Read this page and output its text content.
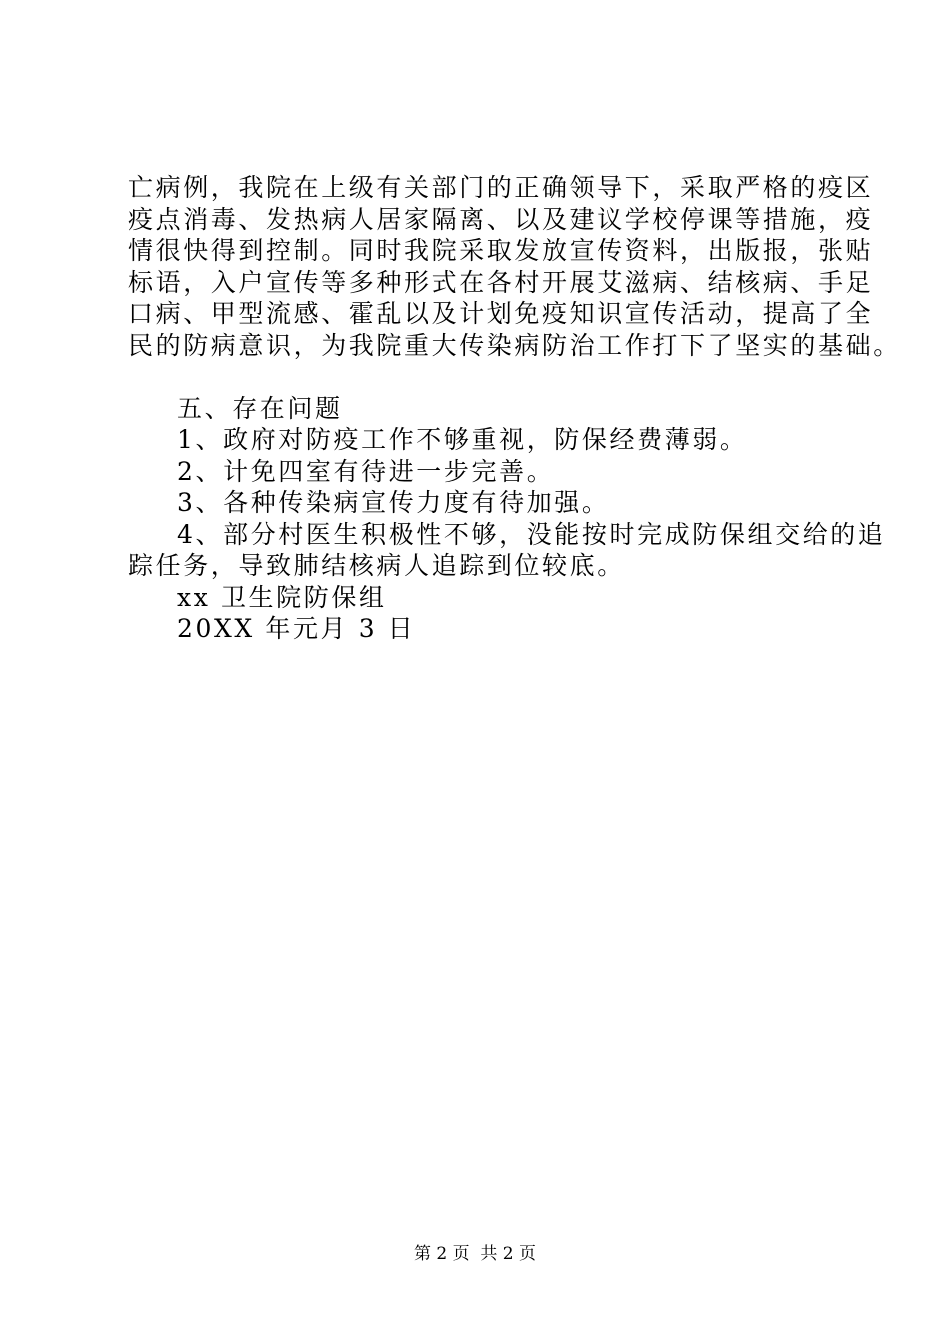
亡病例，我院在上级有关部门的正确领导下，采取严格的疫区

疫点消毒、发热病人居家隔离、以及建议学校停课等措施，疫

情很快得到控制。同时我院采取发放宣传资料，出版报，张贴

标语，入户宣传等多种形式在各村开展艾滋病、结核病、手足

口病、甲型流感、霍乱以及计划免疫知识宣传活动，提高了全

民的防病意识，为我院重大传染病防治工作打下了坚实的基础。

五、存在问题

1、政府对防疫工作不够重视，防保经费薄弱。

2、计免四室有待进一步完善。

3、各种传染病宣传力度有待加强。

4、部分村医生积极性不够，没能按时完成防保组交给的追

踪任务，导致肺结核病人追踪到位较底。

xx 卫生院防保组

20XX 年元月 3 日

第 2 页  共 2 页
